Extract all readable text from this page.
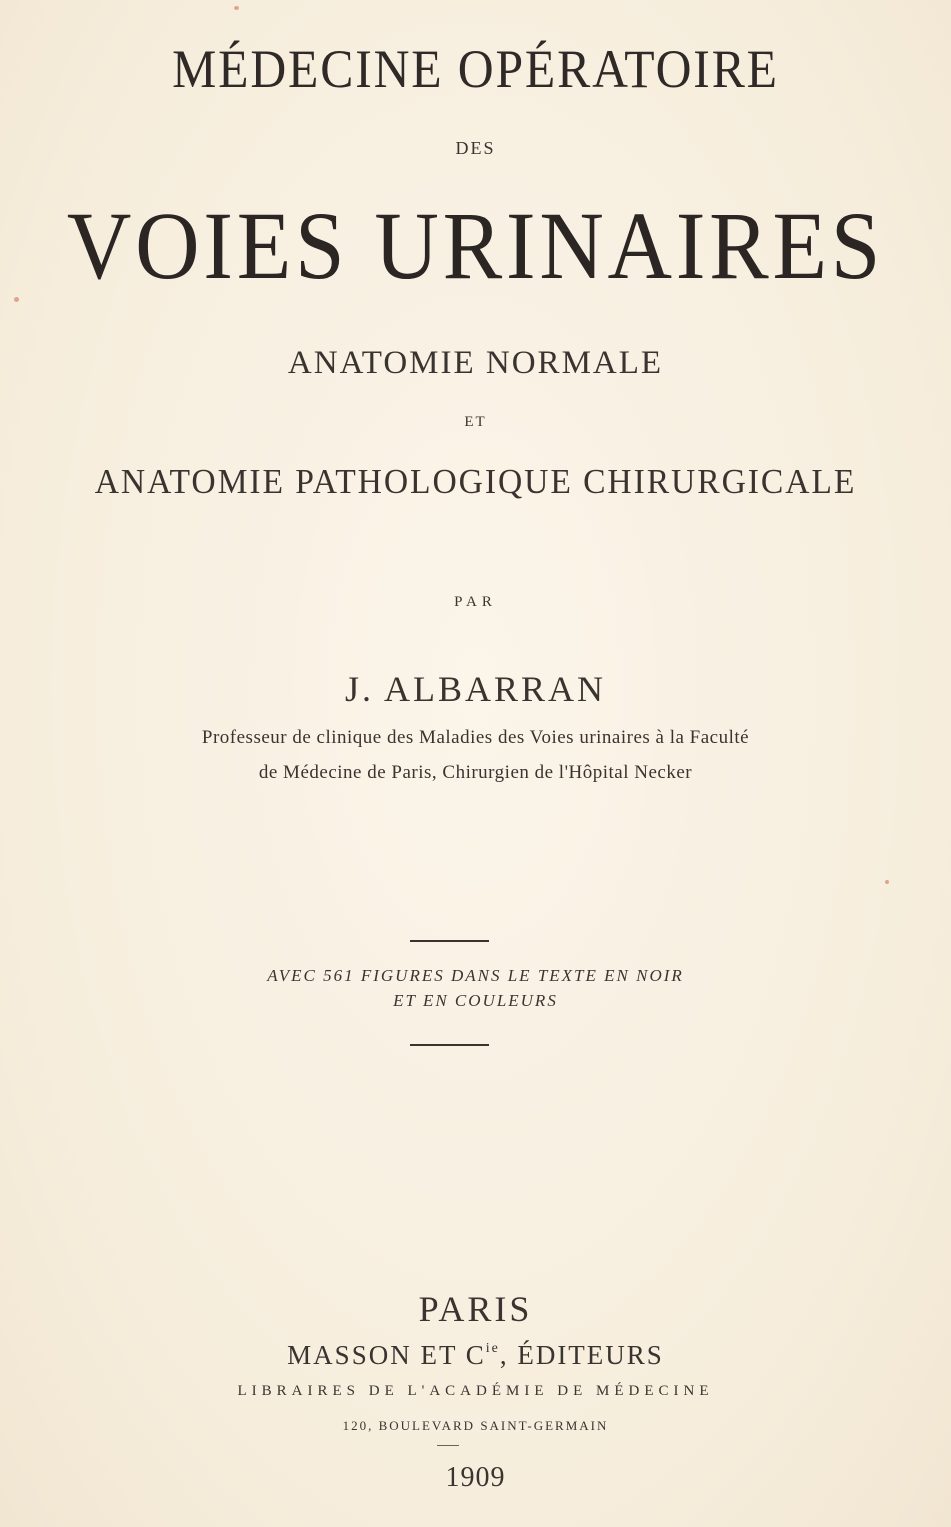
MÉDECINE OPÉRATOIRE

DES

VOIES URINAIRES

ANATOMIE NORMALE

ET

ANATOMIE PATHOLOGIQUE CHIRURGICALE

PAR

J. ALBARRAN

Professeur de clinique des Maladies des Voies urinaires à la Faculté

de Médecine de Paris, Chirurgien de l'Hôpital Necker

AVEC 561 FIGURES DANS LE TEXTE EN NOIR

ET EN COULEURS

PARIS

MASSON ET $C^{ie}$, ÉDITEURS

LIBRAIRES DE L'ACADÉMIE DE MÉDECINE

120, BOULEVARD SAINT-GERMAIN

1909
